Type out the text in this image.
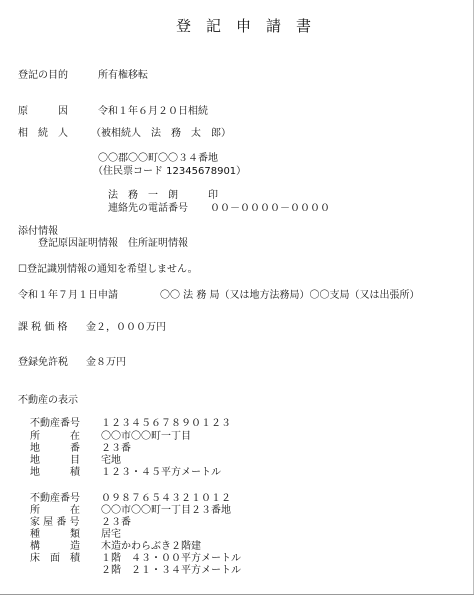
登　記　申　請　書
登記の目的	所有権移転
原　　　因	令和１年６月２０日相続
相　続　人 （被相続人　法　務　太　郎）
〇〇郡〇〇町〇〇３４番地
（住民票コード 12345678901）
法　務　一　朗　　　印
連絡先の電話番号 ００－００００－００００
添付情報
登記原因証明情報　住所証明情報
☐登記識別情報の通知を希望しません。
令和１年７月１日申請	〇〇 法 務 局（又は地方法務局）〇〇支局（又は出張所）
課 税 価 格 金２，０００万円
登録免許税 金８万円
不動産の表示
不動産番号 １２３４５６７８９０１２３
所　　　在 〇〇市〇〇町一丁目
地　　　番 ２３番
地　　　目 宅地
地　　　積 １２３・４５平方メートル
不動産番号 ０９８７６５４３２１０１２
所　　　在 〇〇市〇〇町一丁目２３番地
家 屋 番 号 ２３番
種　　　類 居宅
構　　　造 木造かわらぶき２階建
床　面　積 １階　４３・００平方メートル
２階　２１・３４平方メートル
